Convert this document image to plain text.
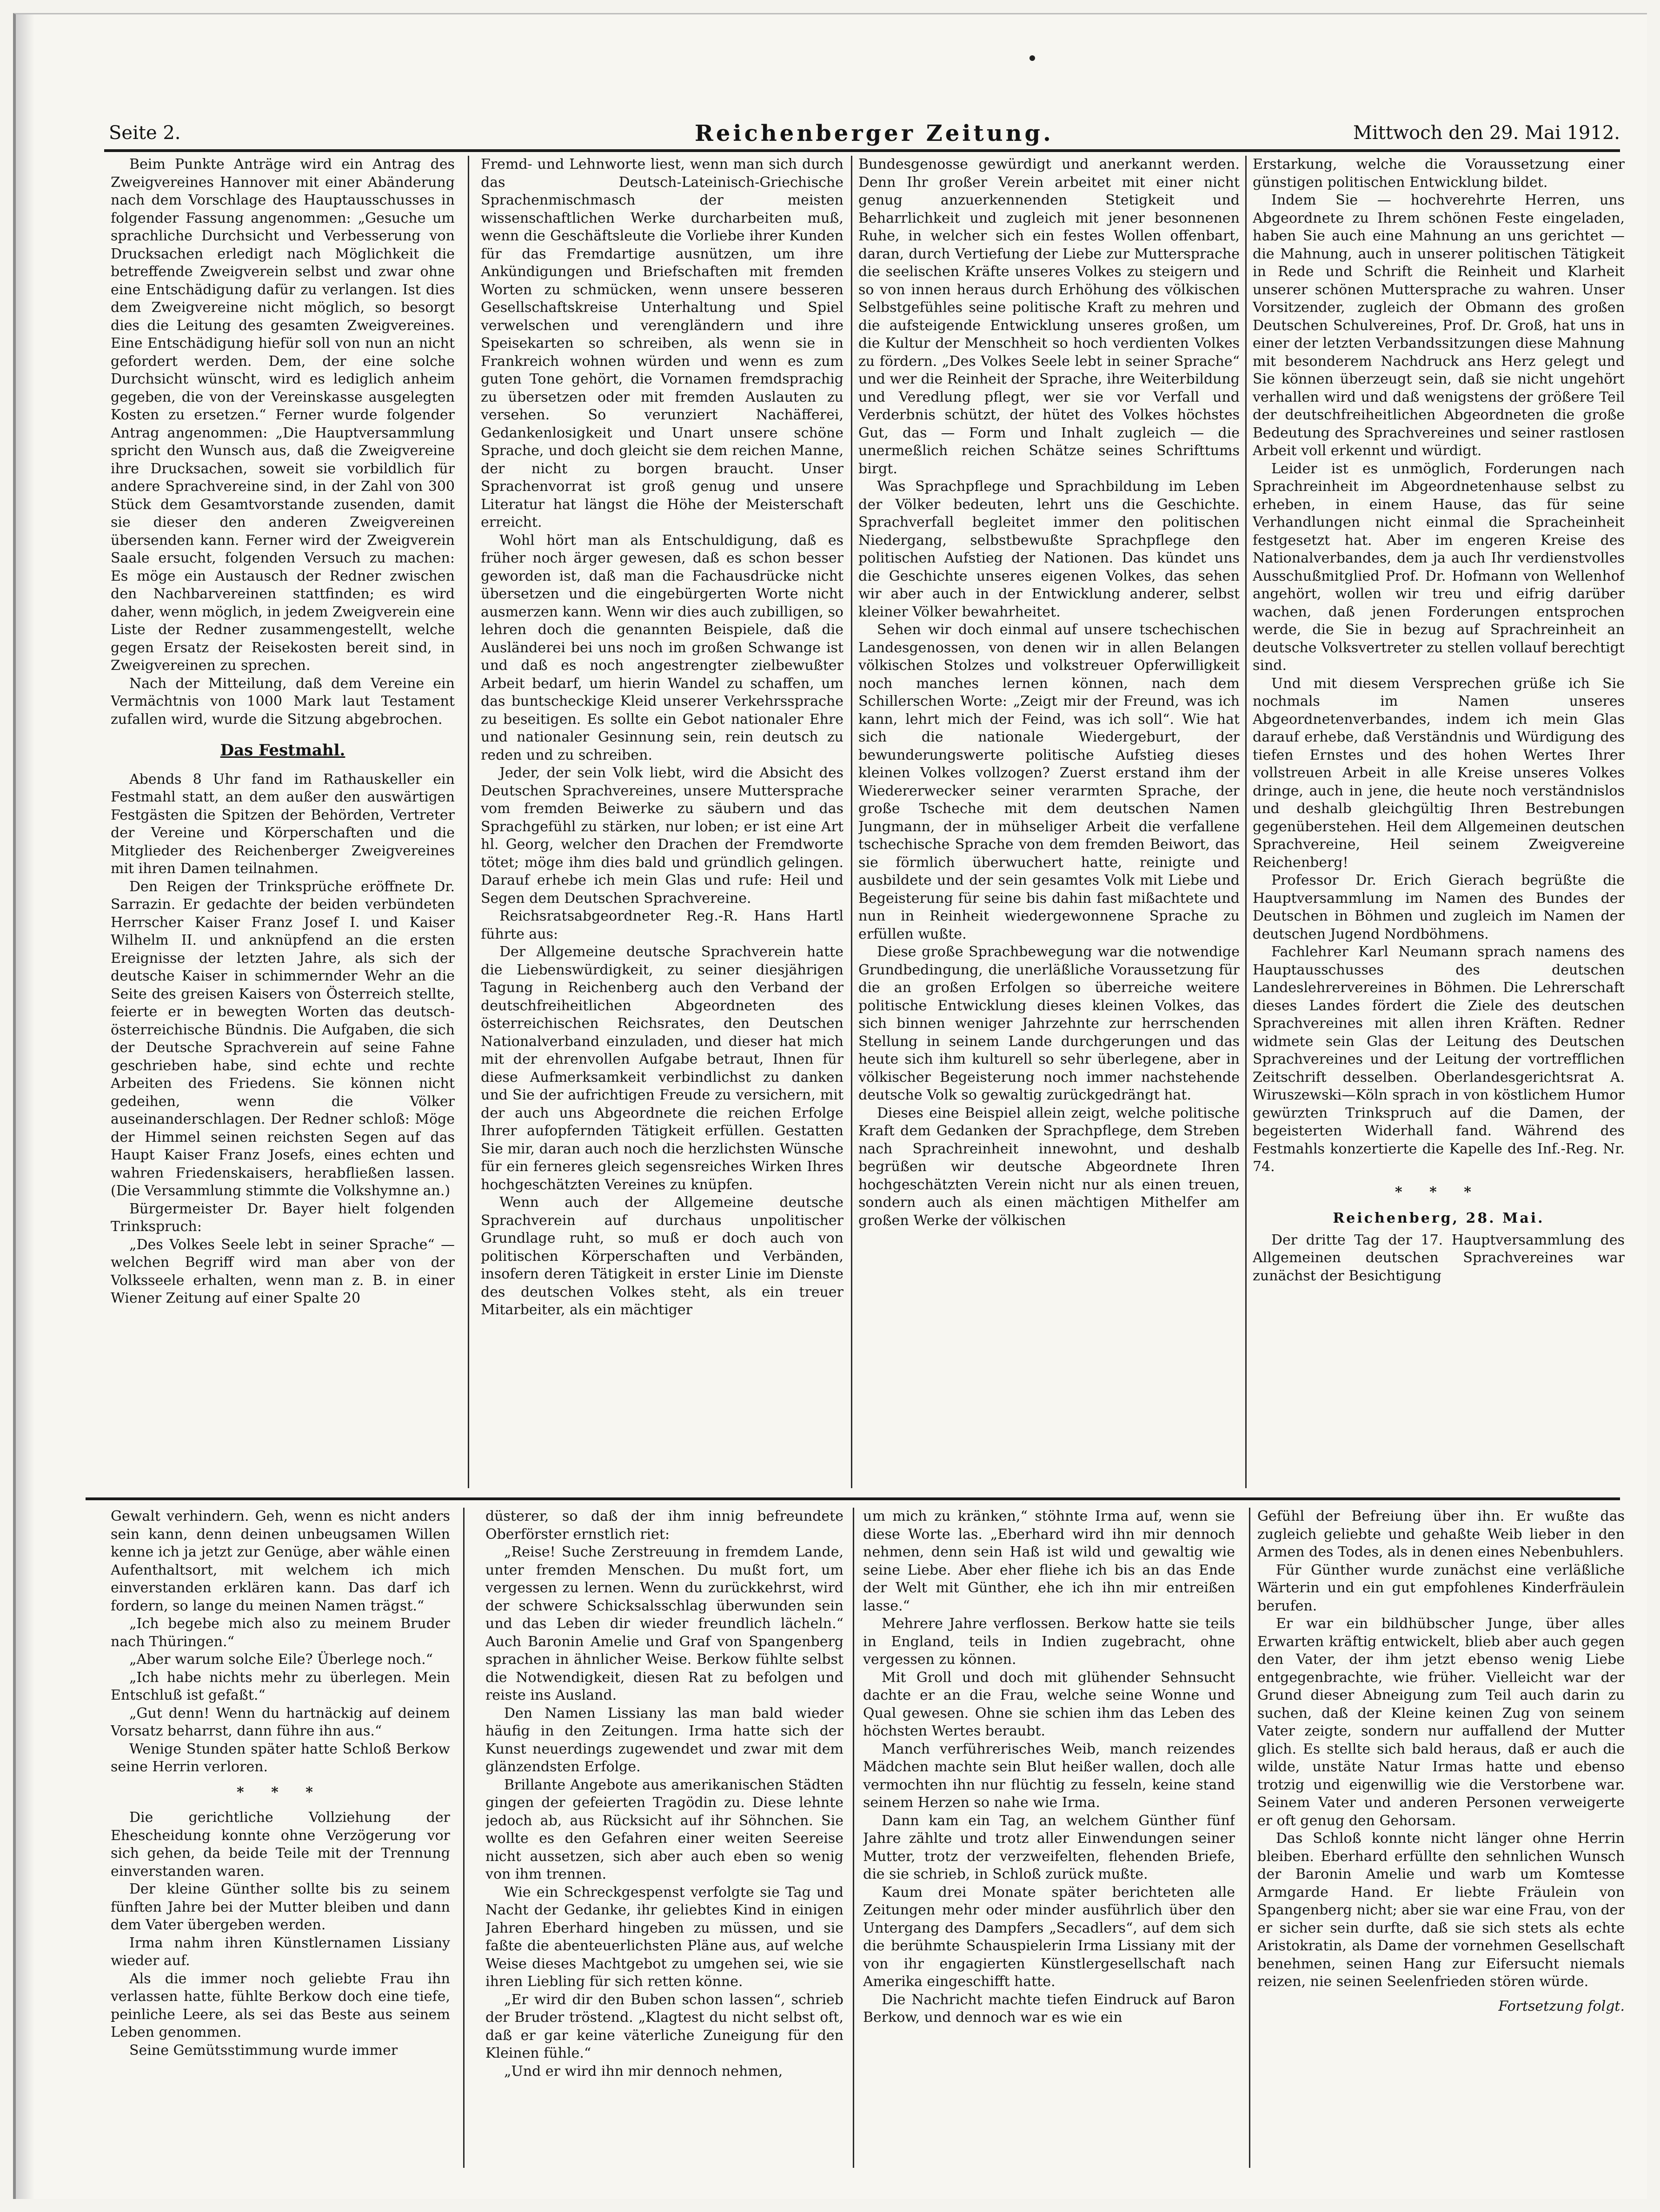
Seite 2.	Reichenberger Zeitung.	Mittwoch den 29. Mai 1912.

Beim Punkte Anträge wird ein Antrag des Zweigvereines Hannover mit einer Abänderung nach dem Vorschlage des Hauptausschusses in folgender Fassung angenommen: „Gesuche um sprachliche Durchsicht und Verbesserung von Drucksachen erledigt nach Möglichkeit die betreffende Zweigverein selbst und zwar ohne eine Entschädigung dafür zu verlangen. Ist dies dem Zweigvereine nicht möglich, so besorgt dies die Leitung des gesamten Zweigvereines. Eine Entschädigung hiefür soll von nun an nicht gefordert werden. Dem, der eine solche Durchsicht wünscht, wird es lediglich anheim gegeben, die von der Vereinskasse ausgelegten Kosten zu ersetzen.“ Ferner wurde folgender Antrag angenommen: „Die Hauptversammlung spricht den Wunsch aus, daß die Zweigvereine ihre Drucksachen, soweit sie vorbildlich für andere Sprachvereine sind, in der Zahl von 300 Stück dem Gesamtvorstande zusenden, damit sie dieser den anderen Zweigvereinen übersenden kann. Ferner wird der Zweigverein Saale ersucht, folgenden Versuch zu machen: Es möge ein Austausch der Redner zwischen den Nachbarvereinen stattfinden; es wird daher, wenn möglich, in jedem Zweigverein eine Liste der Redner zusammengestellt, welche gegen Ersatz der Reisekosten bereit sind, in Zweigvereinen zu sprechen.

Nach der Mitteilung, daß dem Vereine ein Vermächtnis von 1000 Mark laut Testament zufallen wird, wurde die Sitzung abgebrochen.

Das Festmahl.

Abends 8 Uhr fand im Rathauskeller ein Festmahl statt, an dem außer den auswärtigen Festgästen die Spitzen der Behörden, Vertreter der Vereine und Körperschaften und die Mitglieder des Reichenberger Zweigvereines mit ihren Damen teilnahmen.

Den Reigen der Trinksprüche eröffnete Dr. Sarrazin. Er gedachte der beiden verbündeten Herrscher Kaiser Franz Josef I. und Kaiser Wilhelm II. und anknüpfend an die ersten Ereignisse der letzten Jahre, als sich der deutsche Kaiser in schimmernder Wehr an die Seite des greisen Kaisers von Österreich stellte, feierte er in bewegten Worten das deutsch-österreichische Bündnis. Die Aufgaben, die sich der Deutsche Sprachverein auf seine Fahne geschrieben habe, sind echte und rechte Arbeiten des Friedens. Sie können nicht gedeihen, wenn die Völker auseinanderschlagen. Der Redner schloß: Möge der Himmel seinen reichsten Segen auf das Haupt Kaiser Franz Josefs, eines echten und wahren Friedenskaisers, herabfließen lassen. (Die Versammlung stimmte die Volkshymne an.)

Bürgermeister Dr. Bayer hielt folgenden Trinkspruch:

„Des Volkes Seele lebt in seiner Sprache“ — welchen Begriff wird man aber von der Volksseele erhalten, wenn man z. B. in einer Wiener Zeitung auf einer Spalte 20

Fremd- und Lehnworte liest, wenn man sich durch das Deutsch-Lateinisch-Griechische Sprachenmischmasch der meisten wissenschaftlichen Werke durcharbeiten muß, wenn die Geschäftsleute die Vorliebe ihrer Kunden für das Fremdartige ausnützen, um ihre Ankündigungen und Briefschaften mit fremden Worten zu schmücken, wenn unsere besseren Gesellschaftskreise Unterhaltung und Spiel verwelschen und verengländern und ihre Speisekarten so schreiben, als wenn sie in Frankreich wohnen würden und wenn es zum guten Tone gehört, die Vornamen fremdsprachig zu übersetzen oder mit fremden Auslauten zu versehen. So verunziert Nachäfferei, Gedankenlosigkeit und Unart unsere schöne Sprache, und doch gleicht sie dem reichen Manne, der nicht zu borgen braucht. Unser Sprachenvorrat ist groß genug und unsere Literatur hat längst die Höhe der Meisterschaft erreicht.

Wohl hört man als Entschuldigung, daß es früher noch ärger gewesen, daß es schon besser geworden ist, daß man die Fachausdrücke nicht übersetzen und die eingebürgerten Worte nicht ausmerzen kann. Wenn wir dies auch zubilligen, so lehren doch die genannten Beispiele, daß die Ausländerei bei uns noch im großen Schwange ist und daß es noch angestrengter zielbewußter Arbeit bedarf, um hierin Wandel zu schaffen, um das buntscheckige Kleid unserer Verkehrssprache zu beseitigen. Es sollte ein Gebot nationaler Ehre und nationaler Gesinnung sein, rein deutsch zu reden und zu schreiben.

Jeder, der sein Volk liebt, wird die Absicht des Deutschen Sprachvereines, unsere Muttersprache vom fremden Beiwerke zu säubern und das Sprachgefühl zu stärken, nur loben; er ist eine Art hl. Georg, welcher den Drachen der Fremdworte tötet; möge ihm dies bald und gründlich gelingen. Darauf erhebe ich mein Glas und rufe: Heil und Segen dem Deutschen Sprachvereine.

Reichsratsabgeordneter Reg.-R. Hans Hartl führte aus:

Der Allgemeine deutsche Sprachverein hatte die Liebenswürdigkeit, zu seiner diesjährigen Tagung in Reichenberg auch den Verband der deutschfreiheitlichen Abgeordneten des österreichischen Reichsrates, den Deutschen Nationalverband einzuladen, und dieser hat mich mit der ehrenvollen Aufgabe betraut, Ihnen für diese Aufmerksamkeit verbindlichst zu danken und Sie der aufrichtigen Freude zu versichern, mit der auch uns Abgeordnete die reichen Erfolge Ihrer aufopfernden Tätigkeit erfüllen. Gestatten Sie mir, daran auch noch die herzlichsten Wünsche für ein ferneres gleich segensreiches Wirken Ihres hochgeschätzten Vereines zu knüpfen.

Wenn auch der Allgemeine deutsche Sprachverein auf durchaus unpolitischer Grundlage ruht, so muß er doch auch von politischen Körperschaften und Verbänden, insofern deren Tätigkeit in erster Linie im Dienste des deutschen Volkes steht, als ein treuer Mitarbeiter, als ein mächtiger

Bundesgenosse gewürdigt und anerkannt werden. Denn Ihr großer Verein arbeitet mit einer nicht genug anzuerkennenden Stetigkeit und Beharrlichkeit und zugleich mit jener besonnenen Ruhe, in welcher sich ein festes Wollen offenbart, daran, durch Vertiefung der Liebe zur Muttersprache die seelischen Kräfte unseres Volkes zu steigern und so von innen heraus durch Erhöhung des völkischen Selbstgefühles seine politische Kraft zu mehren und die aufsteigende Entwicklung unseres großen, um die Kultur der Menschheit so hoch verdienten Volkes zu fördern. „Des Volkes Seele lebt in seiner Sprache“ und wer die Reinheit der Sprache, ihre Weiterbildung und Veredlung pflegt, wer sie vor Verfall und Verderbnis schützt, der hütet des Volkes höchstes Gut, das — Form und Inhalt zugleich — die unermeßlich reichen Schätze seines Schrifttums birgt.

Was Sprachpflege und Sprachbildung im Leben der Völker bedeuten, lehrt uns die Geschichte. Sprachverfall begleitet immer den politischen Niedergang, selbstbewußte Sprachpflege den politischen Aufstieg der Nationen. Das kündet uns die Geschichte unseres eigenen Volkes, das sehen wir aber auch in der Entwicklung anderer, selbst kleiner Völker bewahrheitet.

Sehen wir doch einmal auf unsere tschechischen Landesgenossen, von denen wir in allen Belangen völkischen Stolzes und volkstreuer Opferwilligkeit noch manches lernen können, nach dem Schillerschen Worte: „Zeigt mir der Freund, was ich kann, lehrt mich der Feind, was ich soll“. Wie hat sich die nationale Wiedergeburt, der bewunderungswerte politische Aufstieg dieses kleinen Volkes vollzogen? Zuerst erstand ihm der Wiedererwecker seiner verarmten Sprache, der große Tscheche mit dem deutschen Namen Jungmann, der in mühseliger Arbeit die verfallene tschechische Sprache von dem fremden Beiwort, das sie förmlich überwuchert hatte, reinigte und ausbildete und der sein gesamtes Volk mit Liebe und Begeisterung für seine bis dahin fast mißachtete und nun in Reinheit wiedergewonnene Sprache zu erfüllen wußte.

Diese große Sprachbewegung war die notwendige Grundbedingung, die unerläßliche Voraussetzung für die an großen Erfolgen so überreiche weitere politische Entwicklung dieses kleinen Volkes, das sich binnen weniger Jahrzehnte zur herrschenden Stellung in seinem Lande durchgerungen und das heute sich ihm kulturell so sehr überlegene, aber in völkischer Begeisterung noch immer nachstehende deutsche Volk so gewaltig zurückgedrängt hat.

Dieses eine Beispiel allein zeigt, welche politische Kraft dem Gedanken der Sprachpflege, dem Streben nach Sprachreinheit innewohnt, und deshalb begrüßen wir deutsche Abgeordnete Ihren hochgeschätzten Verein nicht nur als einen treuen, sondern auch als einen mächtigen Mithelfer am großen Werke der völkischen

Erstarkung, welche die Voraussetzung einer günstigen politischen Entwicklung bildet.

Indem Sie — hochverehrte Herren, uns Abgeordnete zu Ihrem schönen Feste eingeladen, haben Sie auch eine Mahnung an uns gerichtet — die Mahnung, auch in unserer politischen Tätigkeit in Rede und Schrift die Reinheit und Klarheit unserer schönen Muttersprache zu wahren. Unser Vorsitzender, zugleich der Obmann des großen Deutschen Schulvereines, Prof. Dr. Groß, hat uns in einer der letzten Verbandssitzungen diese Mahnung mit besonderem Nachdruck ans Herz gelegt und Sie können überzeugt sein, daß sie nicht ungehört verhallen wird und daß wenigstens der größere Teil der deutschfreiheitlichen Abgeordneten die große Bedeutung des Sprachvereines und seiner rastlosen Arbeit voll erkennt und würdigt.

Leider ist es unmöglich, Forderungen nach Sprachreinheit im Abgeordnetenhause selbst zu erheben, in einem Hause, das für seine Verhandlungen nicht einmal die Spracheinheit festgesetzt hat. Aber im engeren Kreise des Nationalverbandes, dem ja auch Ihr verdienstvolles Ausschußmitglied Prof. Dr. Hofmann von Wellenhof angehört, wollen wir treu und eifrig darüber wachen, daß jenen Forderungen entsprochen werde, die Sie in bezug auf Sprachreinheit an deutsche Volksvertreter zu stellen vollauf berechtigt sind.

Und mit diesem Versprechen grüße ich Sie nochmals im Namen unseres Abgeordnetenverbandes, indem ich mein Glas darauf erhebe, daß Verständnis und Würdigung des tiefen Ernstes und des hohen Wertes Ihrer vollstreuen Arbeit in alle Kreise unseres Volkes dringe, auch in jene, die heute noch verständnislos und deshalb gleichgültig Ihren Bestrebungen gegenüberstehen. Heil dem Allgemeinen deutschen Sprachvereine, Heil seinem Zweigvereine Reichenberg!

Professor Dr. Erich Gierach begrüßte die Hauptversammlung im Namen des Bundes der Deutschen in Böhmen und zugleich im Namen der deutschen Jugend Nordböhmens.

Fachlehrer Karl Neumann sprach namens des Hauptausschusses des deutschen Landeslehrervereines in Böhmen. Die Lehrerschaft dieses Landes fördert die Ziele des deutschen Sprachvereines mit allen ihren Kräften. Redner widmete sein Glas der Leitung des Deutschen Sprachvereines und der Leitung der vortrefflichen Zeitschrift desselben. Oberlandesgerichtsrat A. Wiruszewski—Köln sprach in von köstlichem Humor gewürzten Trinkspruch auf die Damen, der begeisterten Widerhall fand. Während des Festmahls konzertierte die Kapelle des Inf.-Reg. Nr. 74.

* * *

Reichenberg, 28. Mai.

Der dritte Tag der 17. Hauptversammlung des Allgemeinen deutschen Sprachvereines war zunächst der Besichtigung

Gewalt verhindern. Geh, wenn es nicht anders sein kann, denn deinen unbeugsamen Willen kenne ich ja jetzt zur Genüge, aber wähle einen Aufenthaltsort, mit welchem ich mich einverstanden erklären kann. Das darf ich fordern, so lange du meinen Namen trägst.“

„Ich begebe mich also zu meinem Bruder nach Thüringen.“

„Aber warum solche Eile? Überlege noch.“

„Ich habe nichts mehr zu überlegen. Mein Entschluß ist gefaßt.“

„Gut denn! Wenn du hartnäckig auf deinem Vorsatz beharrst, dann führe ihn aus.“

Wenige Stunden später hatte Schloß Berkow seine Herrin verloren.

* * *

Die gerichtliche Vollziehung der Ehescheidung konnte ohne Verzögerung vor sich gehen, da beide Teile mit der Trennung einverstanden waren.

Der kleine Günther sollte bis zu seinem fünften Jahre bei der Mutter bleiben und dann dem Vater übergeben werden.

Irma nahm ihren Künstlernamen Lissiany wieder auf.

Als die immer noch geliebte Frau ihn verlassen hatte, fühlte Berkow doch eine tiefe, peinliche Leere, als sei das Beste aus seinem Leben genommen.

Seine Gemütsstimmung wurde immer

düsterer, so daß der ihm innig befreundete Oberförster ernstlich riet:

„Reise! Suche Zerstreuung in fremdem Lande, unter fremden Menschen. Du mußt fort, um vergessen zu lernen. Wenn du zurückkehrst, wird der schwere Schicksalsschlag überwunden sein und das Leben dir wieder freundlich lächeln.“ Auch Baronin Amelie und Graf von Spangenberg sprachen in ähnlicher Weise. Berkow fühlte selbst die Notwendigkeit, diesen Rat zu befolgen und reiste ins Ausland.

Den Namen Lissiany las man bald wieder häufig in den Zeitungen. Irma hatte sich der Kunst neuerdings zugewendet und zwar mit dem glänzendsten Erfolge.

Brillante Angebote aus amerikanischen Städten gingen der gefeierten Tragödin zu. Diese lehnte jedoch ab, aus Rücksicht auf ihr Söhnchen. Sie wollte es den Gefahren einer weiten Seereise nicht aussetzen, sich aber auch eben so wenig von ihm trennen.

Wie ein Schreckgespenst verfolgte sie Tag und Nacht der Gedanke, ihr geliebtes Kind in einigen Jahren Eberhard hingeben zu müssen, und sie faßte die abenteuerlichsten Pläne aus, auf welche Weise dieses Machtgebot zu umgehen sei, wie sie ihren Liebling für sich retten könne.

„Er wird dir den Buben schon lassen“, schrieb der Bruder tröstend. „Klagtest du nicht selbst oft, daß er gar keine väterliche Zuneigung für den Kleinen fühle.“

„Und er wird ihn mir dennoch nehmen,

um mich zu kränken,“ stöhnte Irma auf, wenn sie diese Worte las. „Eberhard wird ihn mir dennoch nehmen, denn sein Haß ist wild und gewaltig wie seine Liebe. Aber eher fliehe ich bis an das Ende der Welt mit Günther, ehe ich ihn mir entreißen lasse.“

Mehrere Jahre verflossen. Berkow hatte sie teils in England, teils in Indien zugebracht, ohne vergessen zu können.

Mit Groll und doch mit glühender Sehnsucht dachte er an die Frau, welche seine Wonne und Qual gewesen. Ohne sie schien ihm das Leben des höchsten Wertes beraubt.

Manch verführerisches Weib, manch reizendes Mädchen machte sein Blut heißer wallen, doch alle vermochten ihn nur flüchtig zu fesseln, keine stand seinem Herzen so nahe wie Irma.

Dann kam ein Tag, an welchem Günther fünf Jahre zählte und trotz aller Einwendungen seiner Mutter, trotz der verzweifelten, flehenden Briefe, die sie schrieb, in Schloß zurück mußte.

Kaum drei Monate später berichteten alle Zeitungen mehr oder minder ausführlich über den Untergang des Dampfers „Secadlers“, auf dem sich die berühmte Schauspielerin Irma Lissiany mit der von ihr engagierten Künstlergesellschaft nach Amerika eingeschifft hatte.

Die Nachricht machte tiefen Eindruck auf Baron Berkow, und dennoch war es wie ein

Gefühl der Befreiung über ihn. Er wußte das zugleich geliebte und gehaßte Weib lieber in den Armen des Todes, als in denen eines Nebenbuhlers.

Für Günther wurde zunächst eine verläßliche Wärterin und ein gut empfohlenes Kinderfräulein berufen.

Er war ein bildhübscher Junge, über alles Erwarten kräftig entwickelt, blieb aber auch gegen den Vater, der ihm jetzt ebenso wenig Liebe entgegenbrachte, wie früher. Vielleicht war der Grund dieser Abneigung zum Teil auch darin zu suchen, daß der Kleine keinen Zug von seinem Vater zeigte, sondern nur auffallend der Mutter glich. Es stellte sich bald heraus, daß er auch die wilde, unstäte Natur Irmas hatte und ebenso trotzig und eigenwillig wie die Verstorbene war. Seinem Vater und anderen Personen verweigerte er oft genug den Gehorsam.

Das Schloß konnte nicht länger ohne Herrin bleiben. Eberhard erfüllte den sehnlichen Wunsch der Baronin Amelie und warb um Komtesse Armgarde Hand. Er liebte Fräulein von Spangenberg nicht; aber sie war eine Frau, von der er sicher sein durfte, daß sie sich stets als echte Aristokratin, als Dame der vornehmen Gesellschaft benehmen, seinen Hang zur Eifersucht niemals reizen, nie seinen Seelenfrieden stören würde.

Fortsetzung folgt.
